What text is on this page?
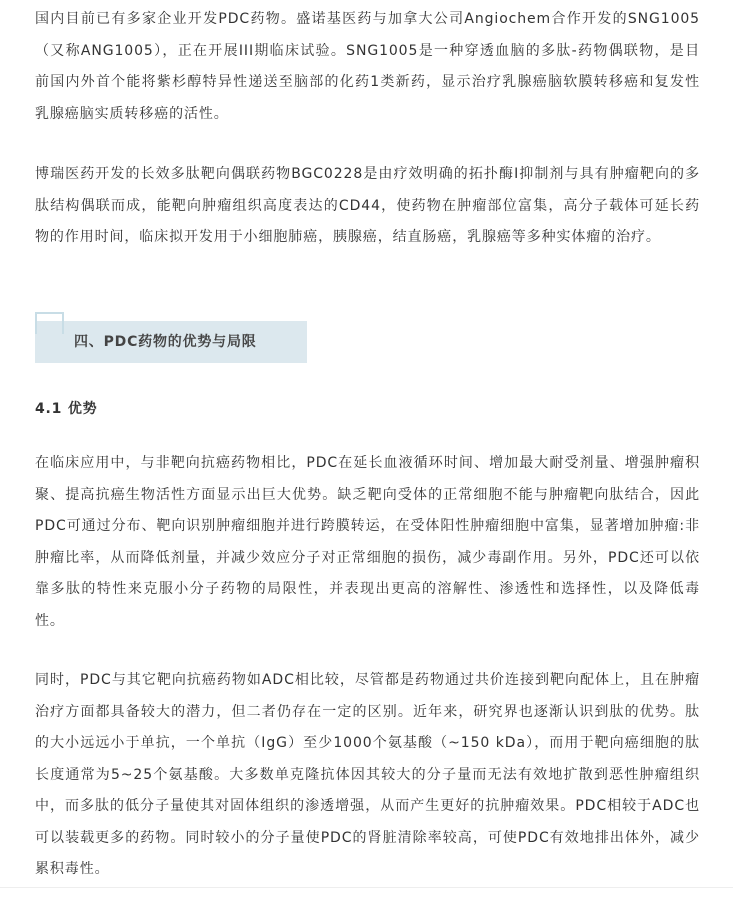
国内目前已有多家企业开发PDC药物。盛诺基医药与加拿大公司Angiochem合作开发的SNG1005（又称ANG1005），正在开展III期临床试验。SNG1005是一种穿透血脑的多肽-药物偶联物，是目前国内外首个能将紫杉醇特异性递送至脑部的化药1类新药，显示治疗乳腺癌脑软膜转移癌和复发性乳腺癌脑实质转移癌的活性。

博瑞医药开发的长效多肽靶向偶联药物BGC0228是由疗效明确的拓扑酶Ⅰ抑制剂与具有肿瘤靶向的多肽结构偶联而成，能靶向肿瘤组织高度表达的CD44，使药物在肿瘤部位富集，高分子载体可延长药物的作用时间，临床拟开发用于小细胞肺癌，胰腺癌，结直肠癌，乳腺癌等多种实体瘤的治疗。

四、PDC药物的优势与局限
4.1 优势

在临床应用中，与非靶向抗癌药物相比，PDC在延长血液循环时间、增加最大耐受剂量、增强肿瘤积聚、提高抗癌生物活性方面显示出巨大优势。缺乏靶向受体的正常细胞不能与肿瘤靶向肽结合，因此PDC可通过分布、靶向识别肿瘤细胞并进行跨膜转运，在受体阳性肿瘤细胞中富集，显著增加肿瘤:非肿瘤比率，从而降低剂量，并减少效应分子对正常细胞的损伤，减少毒副作用。另外，PDC还可以依靠多肽的特性来克服小分子药物的局限性，并表现出更高的溶解性、渗透性和选择性，以及降低毒性。

同时，PDC与其它靶向抗癌药物如ADC相比较，尽管都是药物通过共价连接到靶向配体上，且在肿瘤治疗方面都具备较大的潜力，但二者仍存在一定的区别。近年来，研究界也逐渐认识到肽的优势。肽的大小远远小于单抗，一个单抗（IgG）至少1000个氨基酸（~150 kDa），而用于靶向癌细胞的肽长度通常为5~25个氨基酸。大多数单克隆抗体因其较大的分子量而无法有效地扩散到恶性肿瘤组织中，而多肽的低分子量使其对固体组织的渗透增强，从而产生更好的抗肿瘤效果。PDC相较于ADC也可以装载更多的药物。同时较小的分子量使PDC的肾脏清除率较高，可使PDC有效地排出体外，减少累积毒性。
